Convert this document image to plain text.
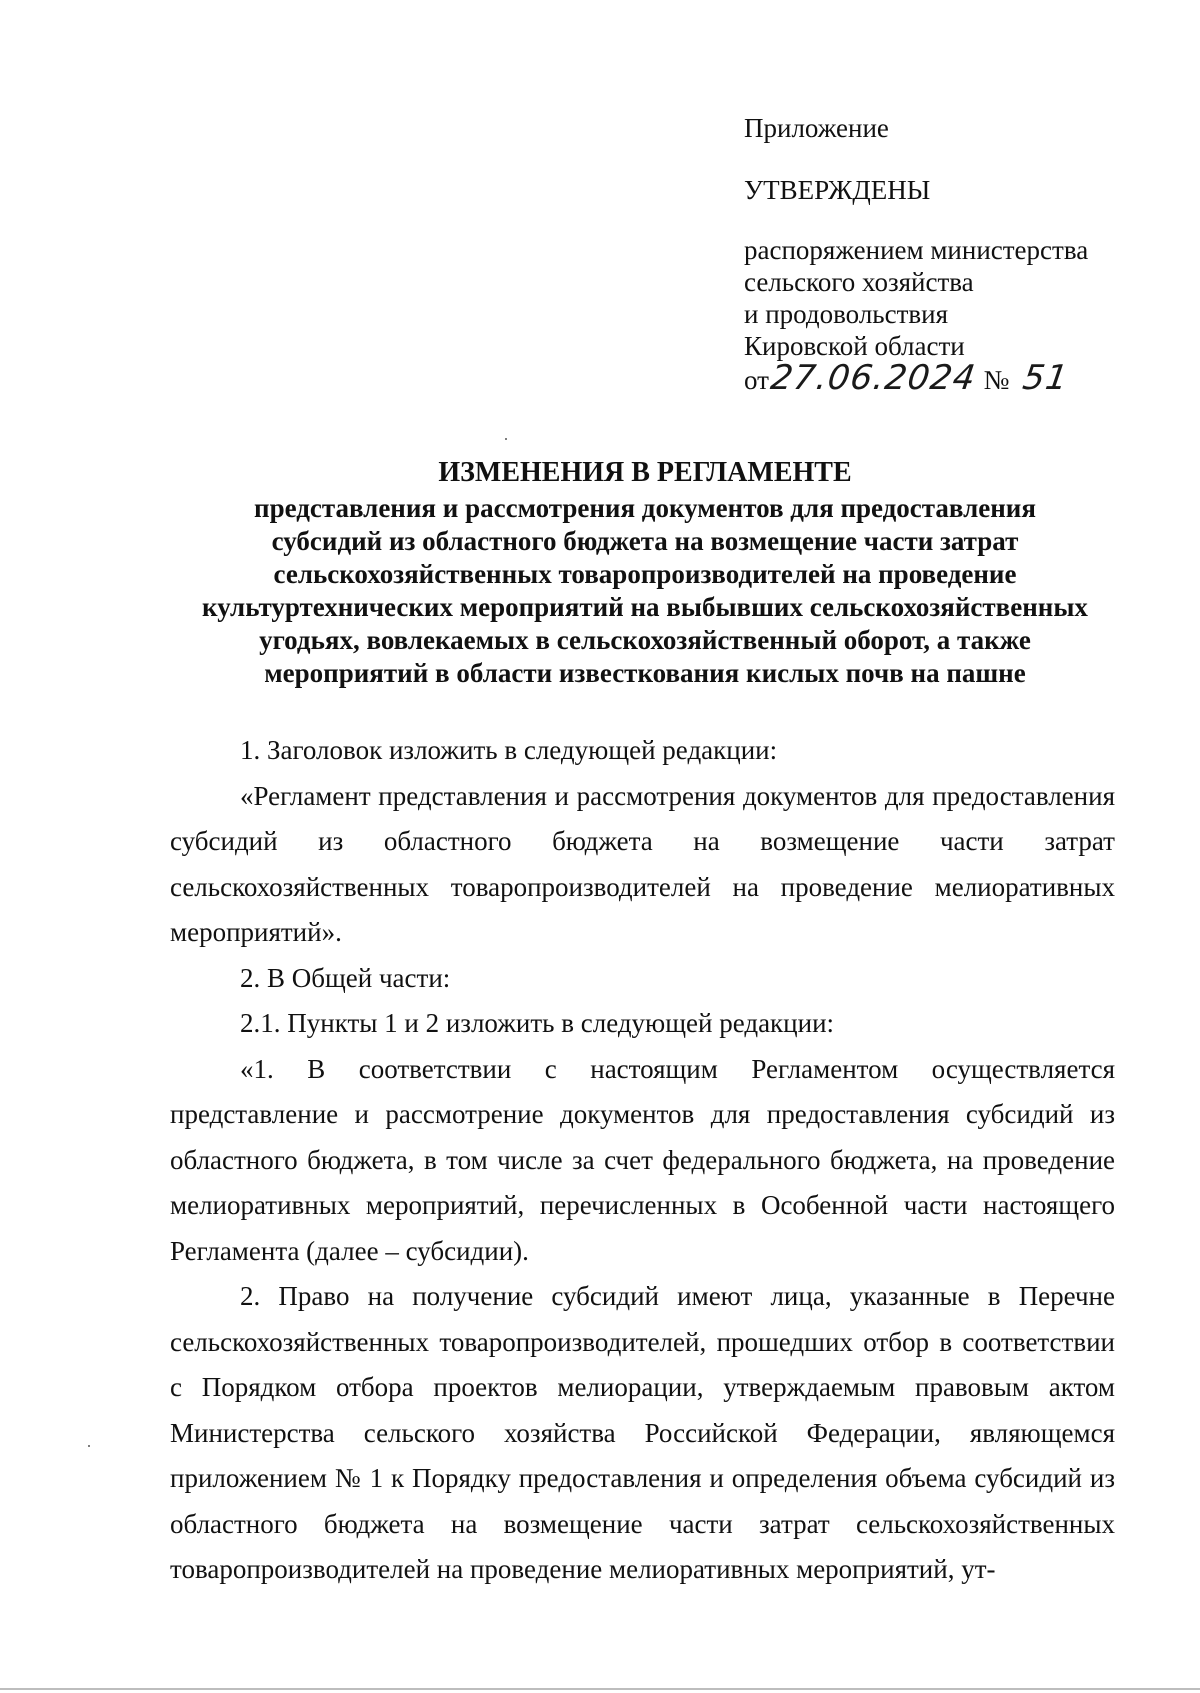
Приложение
УТВЕРЖДЕНЫ
распоряжением министерства
сельского хозяйства
и продовольствия
Кировской области
от27.06.2024 № 51
ИЗМЕНЕНИЯ В РЕГЛАМЕНТЕ
представления и рассмотрения документов для предоставления
субсидий из областного бюджета на возмещение части затрат
сельскохозяйственных товаропроизводителей на проведение
культуртехнических мероприятий на выбывших сельскохозяйственных
угодьях, вовлекаемых в сельскохозяйственный оборот, а также
мероприятий в области известкования кислых почв на пашне

1. Заголовок изложить в следующей редакции:

«Регламент представления и рассмотрения документов для предоставления субсидий из областного бюджета на возмещение части затрат сельскохозяйственных товаропроизводителей на проведение мелиоративных мероприятий».

2. В Общей части:

2.1. Пункты 1 и 2 изложить в следующей редакции:

«1. В соответствии с настоящим Регламентом осуществляется представление и рассмотрение документов для предоставления субсидий из областного бюджета, в том числе за счет федерального бюджета, на проведение мелиоративных мероприятий, перечисленных в Особенной части настоящего Регламента (далее – субсидии).

2. Право на получение субсидий имеют лица, указанные в Перечне сельскохозяйственных товаропроизводителей, прошедших отбор в соответствии с Порядком отбора проектов мелиорации, утверждаемым правовым актом Министерства сельского хозяйства Российской Федерации, являющемся приложением № 1 к Порядку предоставления и определения объема субсидий из областного бюджета на возмещение части затрат сельскохозяйственных товаропроизводителей на проведение мелиоративных мероприятий, ут-
